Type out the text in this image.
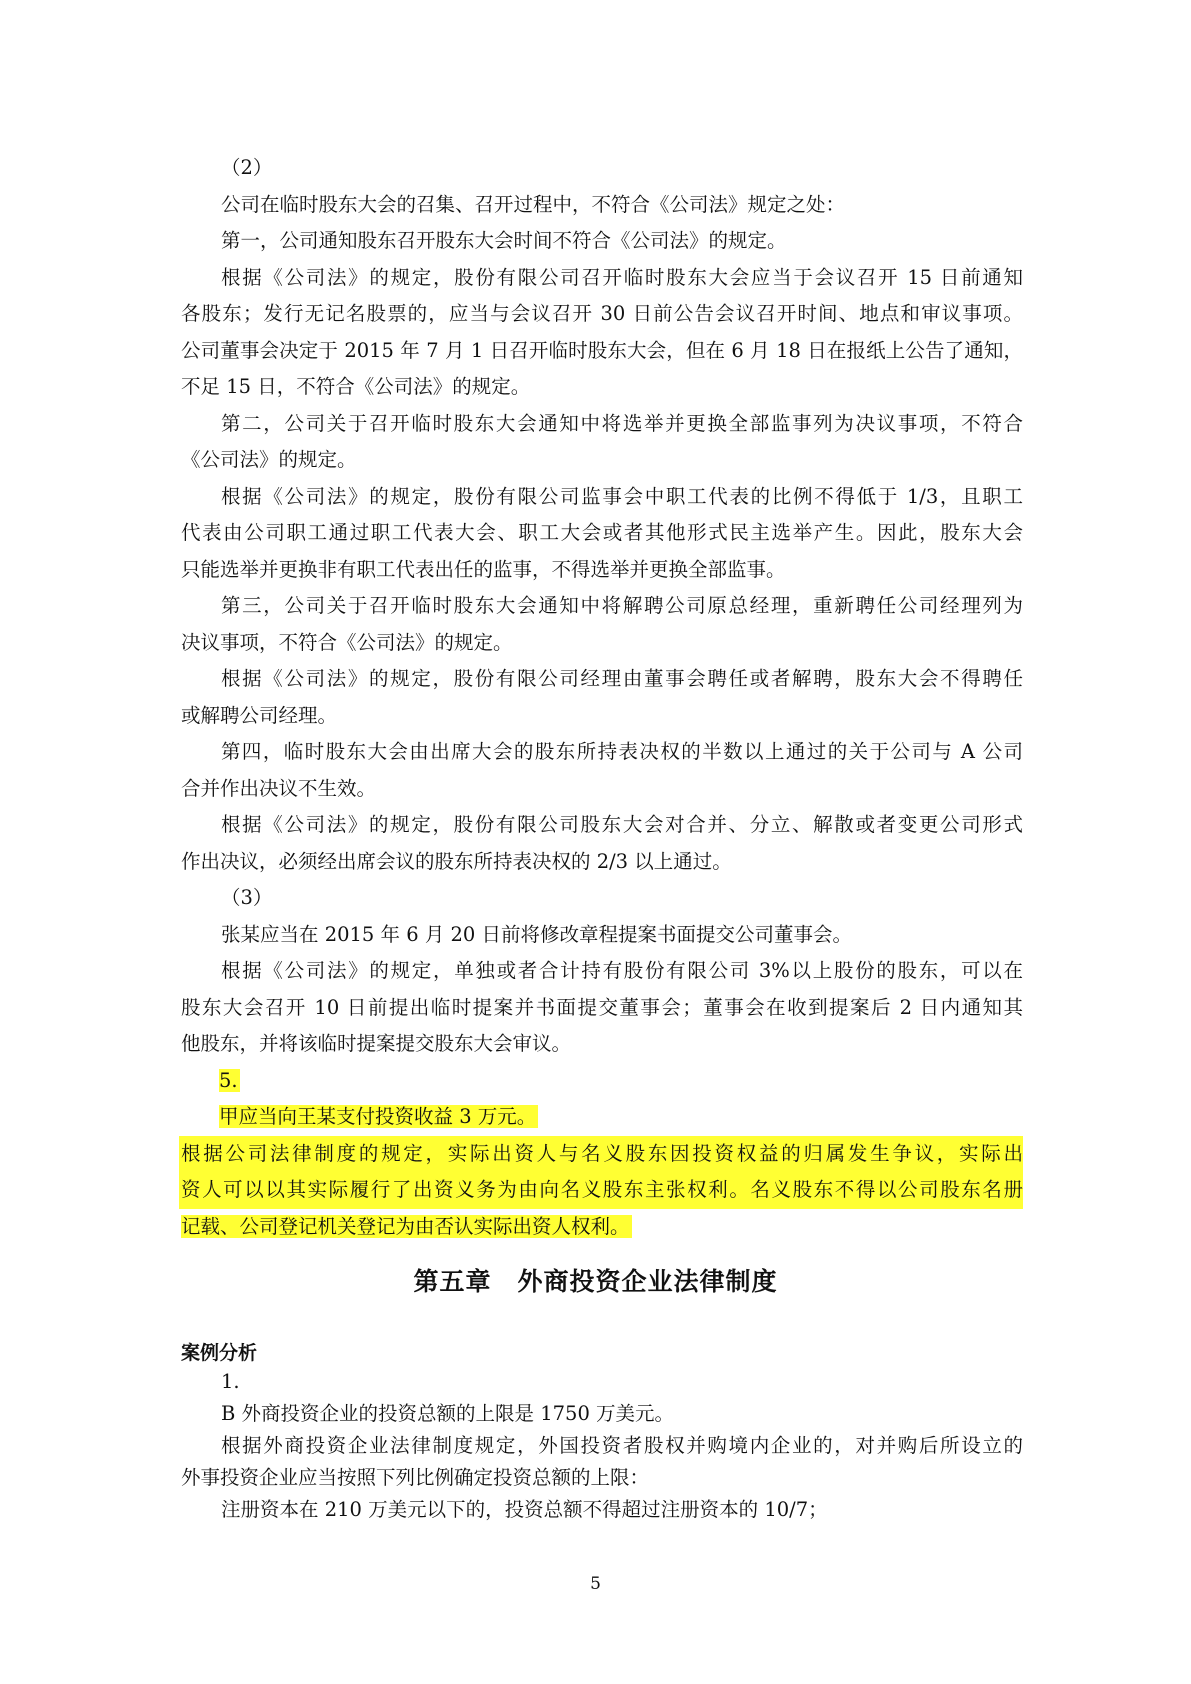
（2）
公司在临时股东大会的召集、召开过程中，不符合《公司法》规定之处：
第一，公司通知股东召开股东大会时间不符合《公司法》的规定。
根据《公司法》的规定，股份有限公司召开临时股东大会应当于会议召开 15 日前通知
各股东；发行无记名股票的，应当与会议召开 30 日前公告会议召开时间、地点和审议事项。
公司董事会决定于 2015 年 7 月 1 日召开临时股东大会，但在 6 月 18 日在报纸上公告了通知，
不足 15 日，不符合《公司法》的规定。
第二，公司关于召开临时股东大会通知中将选举并更换全部监事列为决议事项，不符合
《公司法》的规定。
根据《公司法》的规定，股份有限公司监事会中职工代表的比例不得低于 1/3，且职工
代表由公司职工通过职工代表大会、职工大会或者其他形式民主选举产生。因此，股东大会
只能选举并更换非有职工代表出任的监事，不得选举并更换全部监事。
第三，公司关于召开临时股东大会通知中将解聘公司原总经理，重新聘任公司经理列为
决议事项，不符合《公司法》的规定。
根据《公司法》的规定，股份有限公司经理由董事会聘任或者解聘，股东大会不得聘任
或解聘公司经理。
第四，临时股东大会由出席大会的股东所持表决权的半数以上通过的关于公司与 A 公司
合并作出决议不生效。
根据《公司法》的规定，股份有限公司股东大会对合并、分立、解散或者变更公司形式
作出决议，必须经出席会议的股东所持表决权的 2/3 以上通过。
（3）
张某应当在 2015 年 6 月 20 日前将修改章程提案书面提交公司董事会。
根据《公司法》的规定，单独或者合计持有股份有限公司 3%以上股份的股东，可以在
股东大会召开 10 日前提出临时提案并书面提交董事会；董事会在收到提案后 2 日内通知其
他股东，并将该临时提案提交股东大会审议。
5.
甲应当向王某支付投资收益 3 万元。
根据公司法律制度的规定，实际出资人与名义股东因投资权益的归属发生争议，实际出
资人可以以其实际履行了出资义务为由向名义股东主张权利。名义股东不得以公司股东名册
记载、公司登记机关登记为由否认实际出资人权利。
第五章　外商投资企业法律制度
案例分析
1.
B 外商投资企业的投资总额的上限是 1750 万美元。
根据外商投资企业法律制度规定，外国投资者股权并购境内企业的，对并购后所设立的
外事投资企业应当按照下列比例确定投资总额的上限：
注册资本在 210 万美元以下的，投资总额不得超过注册资本的 10/7；
5
